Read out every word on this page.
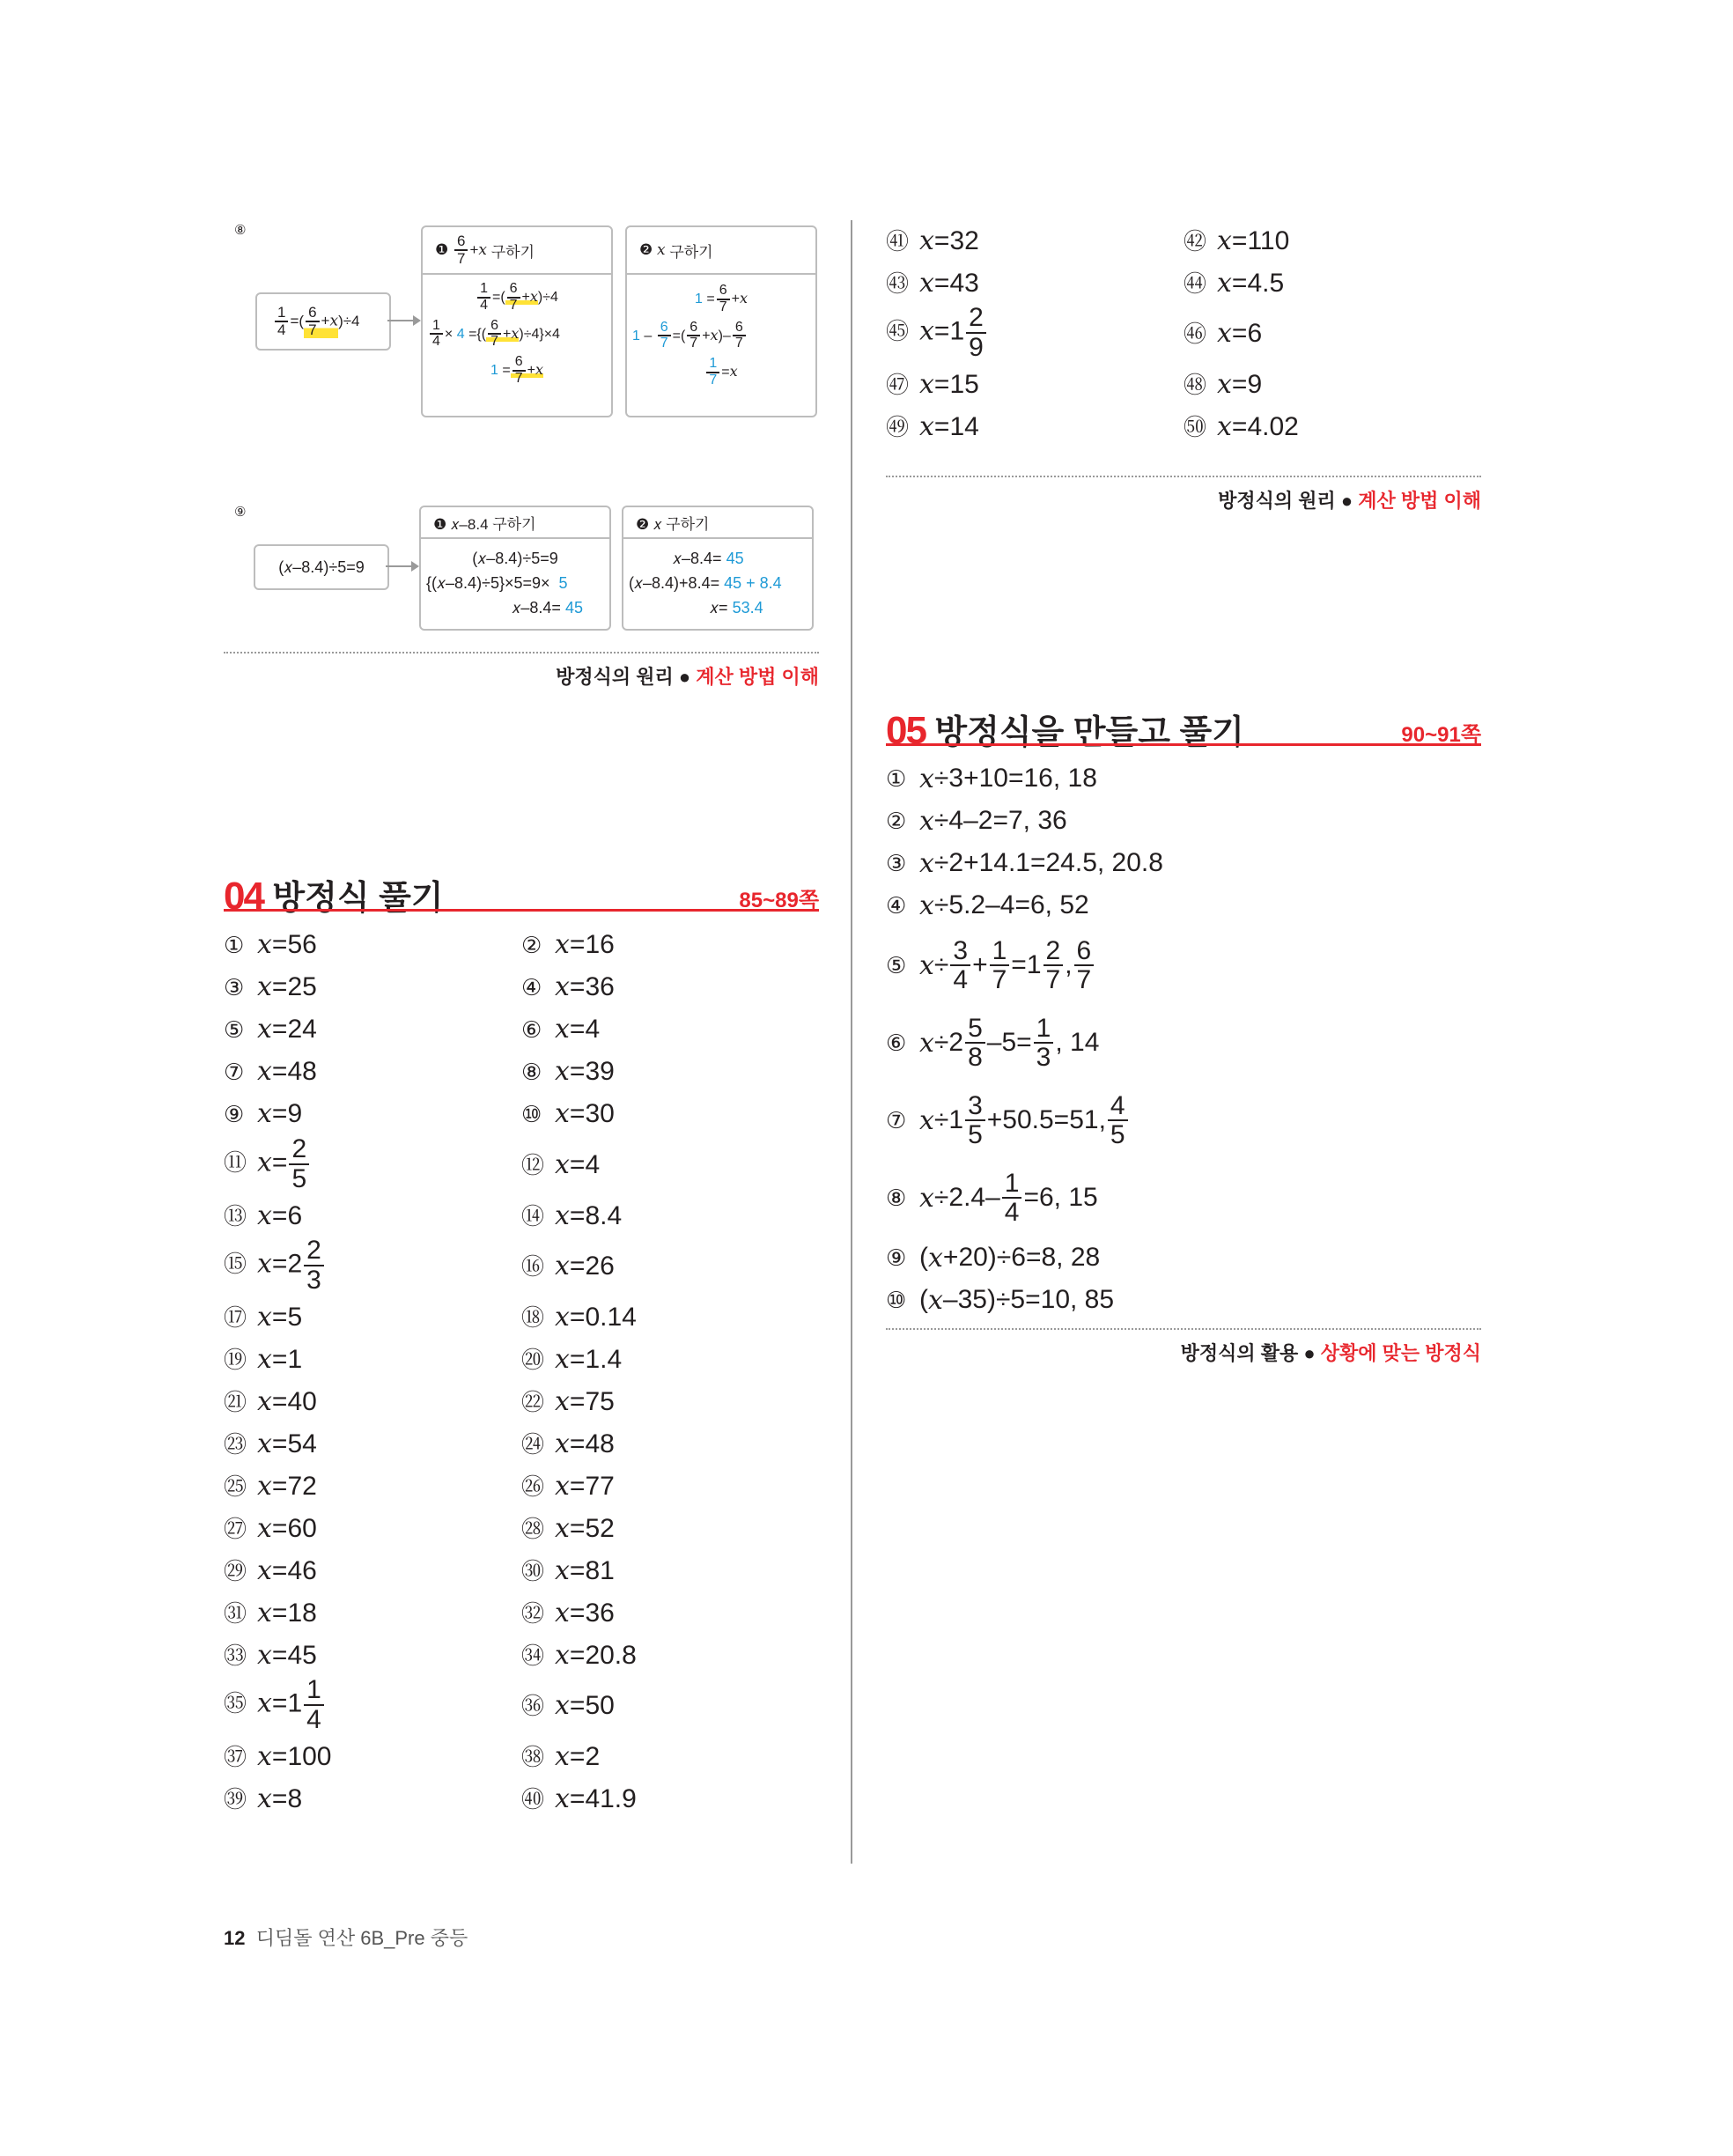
⑧
$\frac{1}{4}$ =( $\frac{6}{7}$ +𝑥 )÷4
❶
$\frac{6}{7}$ + 𝑥
구하기
$\frac{1}{4}$ =( $\frac{6}{7}$ +𝑥)÷4
$\frac{1}{4} \times 4$ ={( $\frac{6}{7}$ +𝑥)÷4}×4
$1 = \frac{6}{7}$ +𝑥
❷
𝑥
구하기
$1 = \frac{6}{7}$ +𝑥
$1 - \frac{6}{7}$ =( $\frac{6}{7}$ +𝑥)– $\frac{6}{7}$
$\frac{1}{7}$ =𝑥
⑨
(𝑥–8.4)÷5=9
❶ 𝑥–8.4 구하기
(𝑥–8.4)÷5=9
{(𝑥–8.4)÷5}×5=9× 5
𝑥–8.4= 45
❷ 𝑥 구하기
𝑥–8.4= 45
(𝑥–8.4)+8.4= 45 + 8.4
𝑥= 53.4
방정식의 원리 ● 계산 방법 이해
04 방정식 풀기	85~89쪽
① 𝑥=56	② 𝑥=16
③ 𝑥=25	④ 𝑥=36
⑤ 𝑥=24	⑥ 𝑥=4
⑦ 𝑥=48	⑧ 𝑥=39
⑨ 𝑥=9	⑩ 𝑥=30
⑪ 𝑥= $\frac{2}{5}$	⑫ 𝑥=4
⑬ 𝑥=6	⑭ 𝑥=8.4
⑮ 𝑥=2 $\frac{2}{3}$	⑯ 𝑥=26
⑰ 𝑥=5	⑱ 𝑥=0.14
⑲ 𝑥=1	⑳ 𝑥=1.4
㉑ 𝑥=40	㉒ 𝑥=75
㉓ 𝑥=54	㉔ 𝑥=48
㉕ 𝑥=72	㉖ 𝑥=77
㉗ 𝑥=60	㉘ 𝑥=52
㉙ 𝑥=46	㉚ 𝑥=81
㉛ 𝑥=18	㉜ 𝑥=36
㉝ 𝑥=45	㉞ 𝑥=20.8
㉟ 𝑥=1 $\frac{1}{4}$	㊱ 𝑥=50
㊲ 𝑥=100	㊳ 𝑥=2
㊴ 𝑥=8	㊵ 𝑥=41.9
㊶ 𝑥=32	㊷ 𝑥=110
㊸ 𝑥=43	㊹ 𝑥=4.5
㊺ 𝑥=1 $\frac{2}{9}$	㊻ 𝑥=6
㊼ 𝑥=15	㊽ 𝑥=9
㊾ 𝑥=14	㊿ 𝑥=4.02
방정식의 원리 ● 계산 방법 이해
05 방정식을 만들고 풀기	90~91쪽
① 𝑥 ÷3+10=16, 18
② 𝑥 ÷4–2=7, 36
③ 𝑥 ÷2+14.1=24.5, 20.8
④ 𝑥 ÷5.2–4=6, 52
⑤ 𝑥 ÷ $\frac{3}{4} + \frac{1}{7} =1 \frac{2}{7}$ , $\frac{6}{7}$
⑥ 𝑥 $\div 2 \frac{5}{8} -5= \frac{1}{3}$ , 14
⑦ 𝑥 $\div 1 \frac{3}{5} +50.5=51$, $\frac{4}{5}$
⑧ 𝑥 $\div 2.4- \frac{1}{4} =6$, 15
⑨ ( 𝑥 +20)÷6=8, 28
⑩ ( 𝑥 –35)÷5=10, 85
방정식의 활용 ● 상황에 맞는 방정식
12 디딤돌 연산 6B_Pre 중등
